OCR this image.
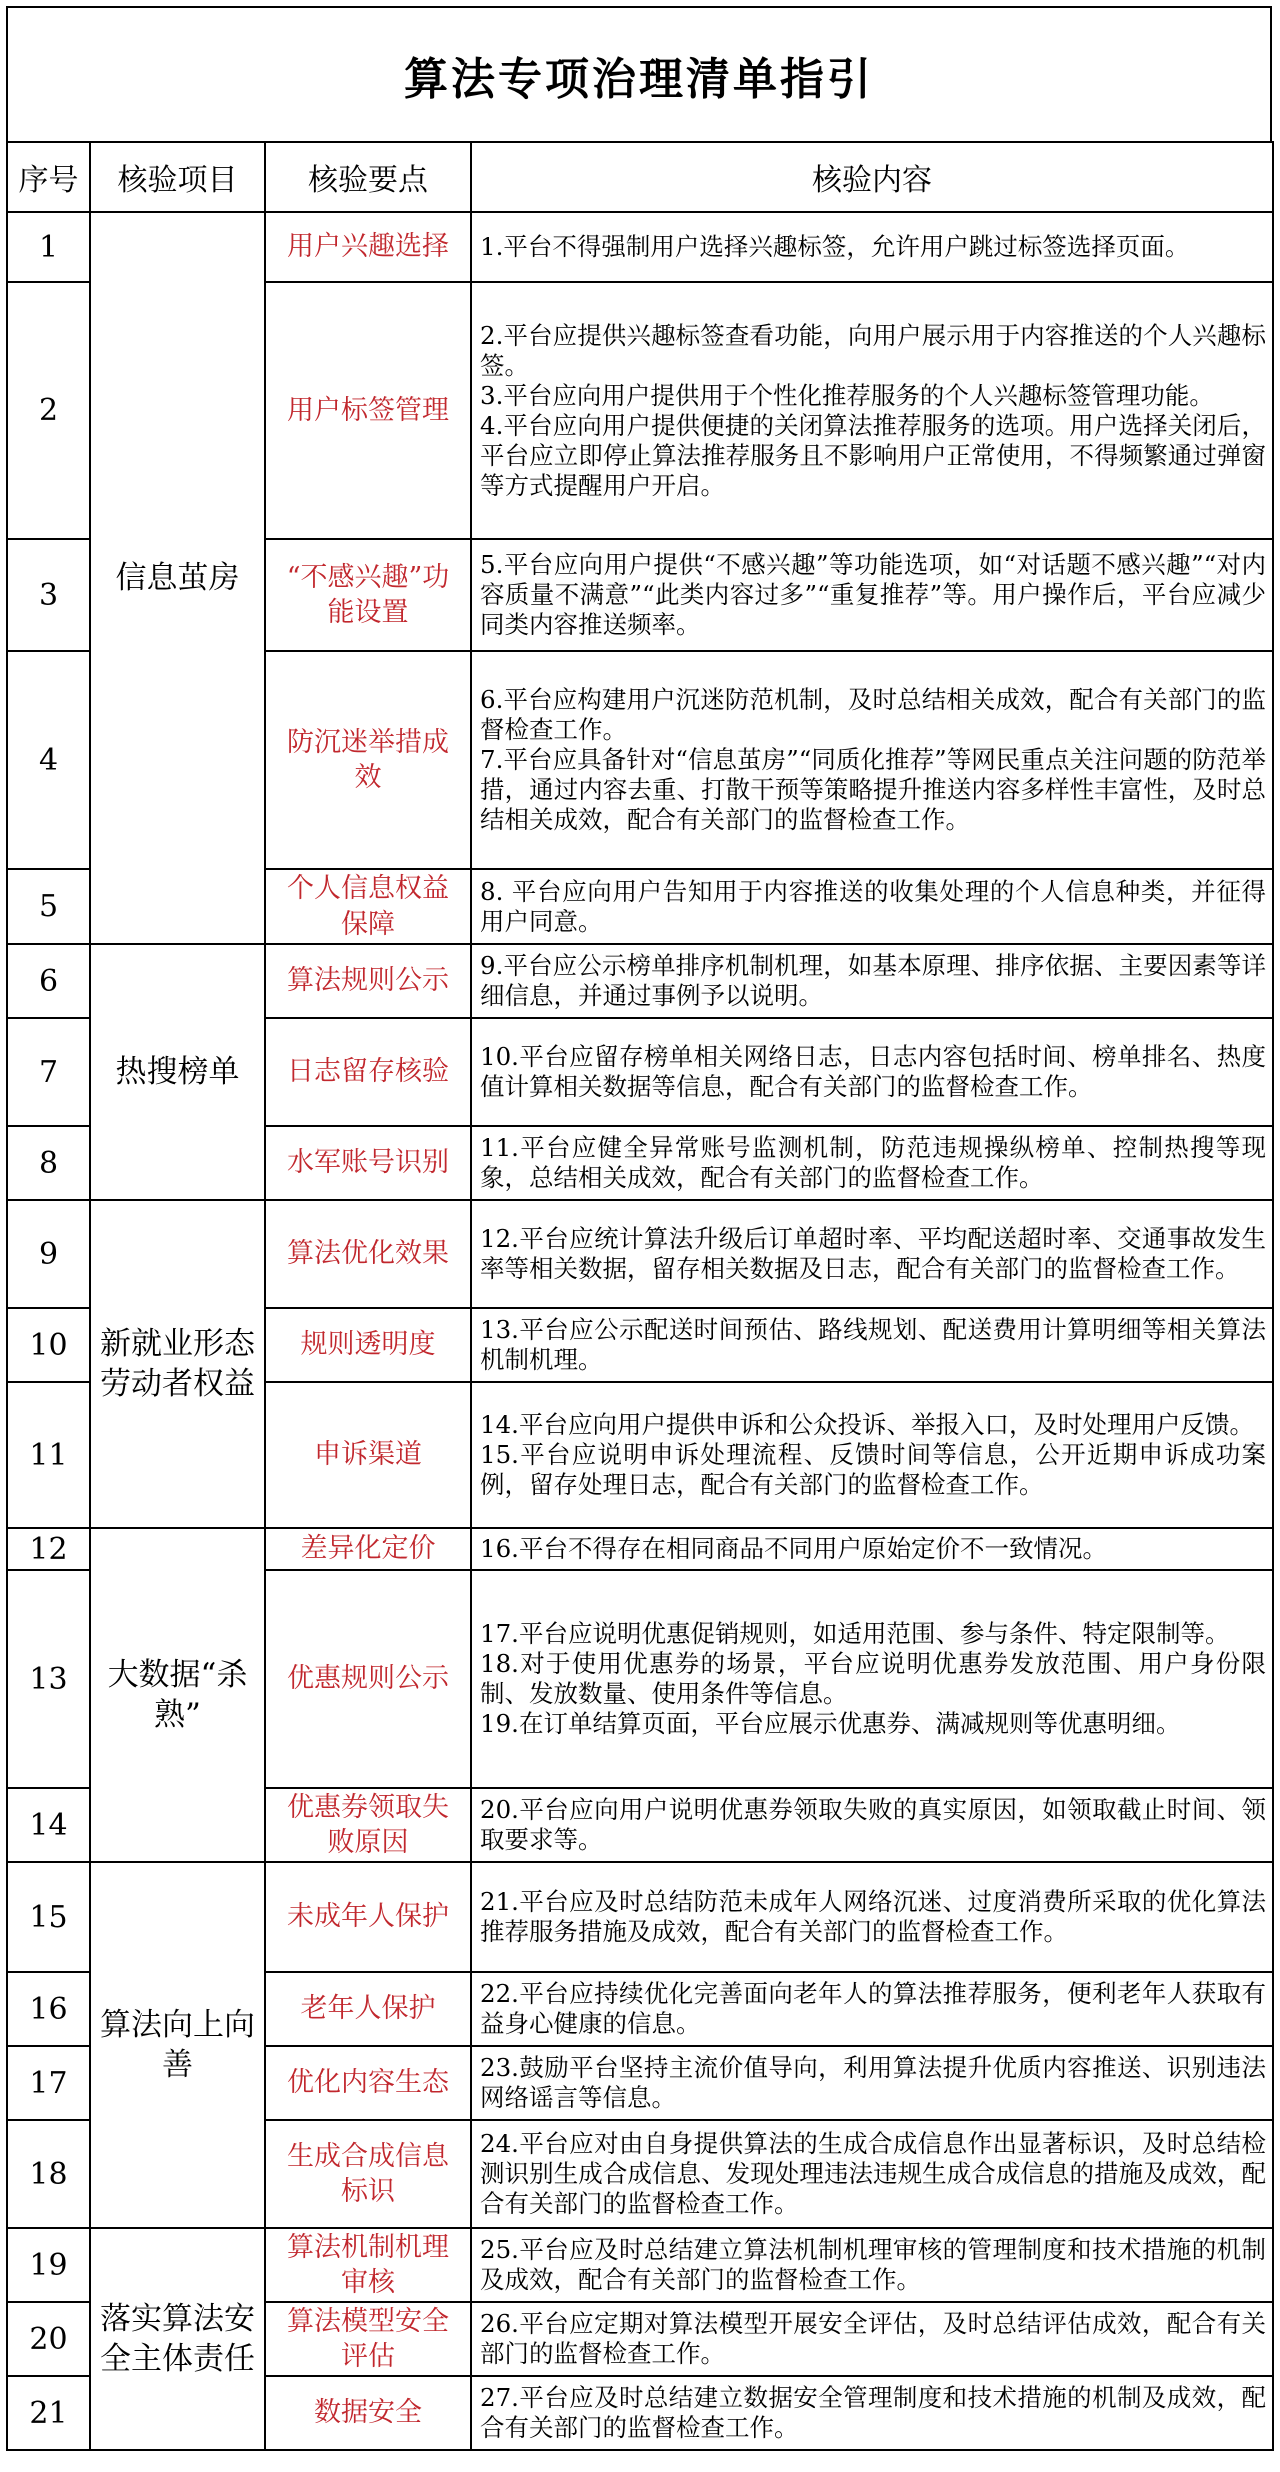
算法专项治理清单指引
序号	核验项目	核验要点	核验内容
1	信息茧房	用户兴趣选择	1.平台不得强制用户选择兴趣标签，允许用户跳过标签选择页面。

2		用户标签管理	2.平台应提供兴趣标签查看功能，向用户展示用于内容推送的个人兴趣标签。

3.平台应向用户提供用于个性化推荐服务的个人兴趣标签管理功能。

4.平台应向用户提供便捷的关闭算法推荐服务的选项。用户选择关闭后，平台应立即停止算法推荐服务且不影响用户正常使用，不得频繁通过弹窗等方式提醒用户开启。

3		“不感兴趣”功能设置	5.平台应向用户提供“不感兴趣”等功能选项，如“对话题不感兴趣”“对内容质量不满意”“此类内容过多”“重复推荐”等。用户操作后，平台应减少同类内容推送频率。

4		防沉迷举措成效	6.平台应构建用户沉迷防范机制，及时总结相关成效，配合有关部门的监督检查工作。

7.平台应具备针对“信息茧房”“同质化推荐”等网民重点关注问题的防范举措，通过内容去重、打散干预等策略提升推送内容多样性丰富性，及时总结相关成效，配合有关部门的监督检查工作。

5		个人信息权益保障	8. 平台应向用户告知用于内容推送的收集处理的个人信息种类，并征得用户同意。

6	热搜榜单	算法规则公示	9.平台应公示榜单排序机制机理，如基本原理、排序依据、主要因素等详细信息，并通过事例予以说明。

7		日志留存核验	10.平台应留存榜单相关网络日志，日志内容包括时间、榜单排名、热度值计算相关数据等信息，配合有关部门的监督检查工作。

8		水军账号识别	11.平台应健全异常账号监测机制，防范违规操纵榜单、控制热搜等现象，总结相关成效，配合有关部门的监督检查工作。

9	新就业形态劳动者权益	算法优化效果	12.平台应统计算法升级后订单超时率、平均配送超时率、交通事故发生率等相关数据，留存相关数据及日志，配合有关部门的监督检查工作。

10		规则透明度	13.平台应公示配送时间预估、路线规划、配送费用计算明细等相关算法机制机理。

11		申诉渠道	14.平台应向用户提供申诉和公众投诉、举报入口，及时处理用户反馈。

15.平台应说明申诉处理流程、反馈时间等信息，公开近期申诉成功案例，留存处理日志，配合有关部门的监督检查工作。

12	大数据“杀熟”	差异化定价	16.平台不得存在相同商品不同用户原始定价不一致情况。

13		优惠规则公示	17.平台应说明优惠促销规则，如适用范围、参与条件、特定限制等。

18.对于使用优惠券的场景，平台应说明优惠券发放范围、用户身份限制、发放数量、使用条件等信息。

19.在订单结算页面，平台应展示优惠券、满减规则等优惠明细。

14		优惠券领取失败原因	20.平台应向用户说明优惠券领取失败的真实原因，如领取截止时间、领取要求等。

15	算法向上向善	未成年人保护	21.平台应及时总结防范未成年人网络沉迷、过度消费所采取的优化算法推荐服务措施及成效，配合有关部门的监督检查工作。

16		老年人保护	22.平台应持续优化完善面向老年人的算法推荐服务，便利老年人获取有益身心健康的信息。

17		优化内容生态	23.鼓励平台坚持主流价值导向，利用算法提升优质内容推送、识别违法网络谣言等信息。

18		生成合成信息标识	24.平台应对由自身提供算法的生成合成信息作出显著标识，及时总结检测识别生成合成信息、发现处理违法违规生成合成信息的措施及成效，配合有关部门的监督检查工作。

19	落实算法安全主体责任	算法机制机理审核	25.平台应及时总结建立算法机制机理审核的管理制度和技术措施的机制及成效，配合有关部门的监督检查工作。

20		算法模型安全评估	26.平台应定期对算法模型开展安全评估，及时总结评估成效，配合有关部门的监督检查工作。

21		数据安全	27.平台应及时总结建立数据安全管理制度和技术措施的机制及成效，配合有关部门的监督检查工作。
